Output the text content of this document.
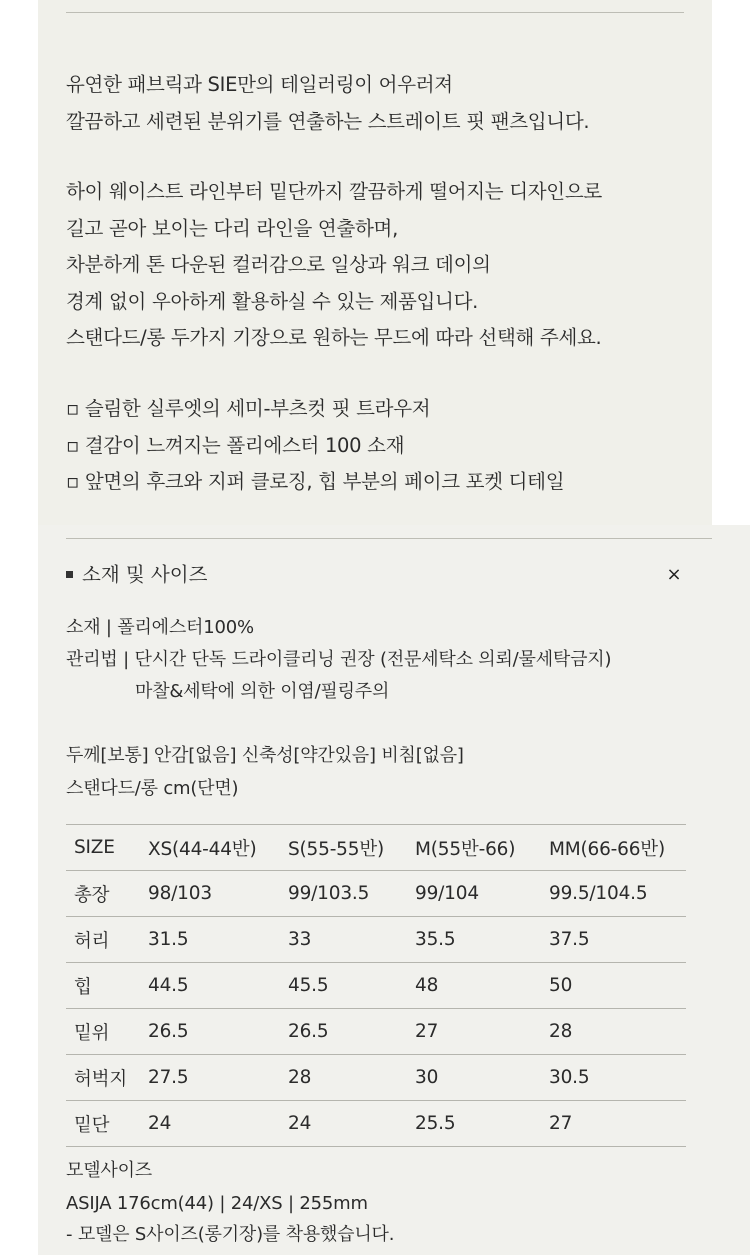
유연한 패브릭과 SIE만의 테일러링이 어우러져
깔끔하고 세련된 분위기를 연출하는 스트레이트 핏 팬츠입니다.
하이 웨이스트 라인부터 밑단까지 깔끔하게 떨어지는 디자인으로
길고 곧아 보이는 다리 라인을 연출하며,
차분하게 톤 다운된 컬러감으로 일상과 워크 데이의
경계 없이 우아하게 활용하실 수 있는 제품입니다.
스탠다드/롱 두가지 기장으로 원하는 무드에 따라 선택해 주세요.
▫ 슬림한 실루엣의 세미-부츠컷 핏 트라우저
▫ 결감이 느껴지는 폴리에스터 100 소재
▫ 앞면의 후크와 지퍼 클로징, 힙 부분의 페이크 포켓 디테일
소재 및 사이즈	×
소재 | 폴리에스터100%
관리법 | 단시간 단독 드라이클리닝 권장 (전문세탁소 의뢰/물세탁금지)
마찰&세탁에 의한 이염/필링주의
두께[보통] 안감[없음] 신축성[약간있음] 비침[없음]
스탠다드/롱 cm(단면)
SIZE	XS(44-44반)	S(55-55반)	M(55반-66)	MM(66-66반)
총장	98/103	99/103.5	99/104	99.5/104.5
허리	31.5	33	35.5	37.5
힙	44.5	45.5	48	50
밑위	26.5	26.5	27	28
허벅지	27.5	28	30	30.5
밑단	24	24	25.5	27
모델사이즈
ASIJA 176cm(44) | 24/XS | 255mm
- 모델은 S사이즈(롱기장)를 착용했습니다.
